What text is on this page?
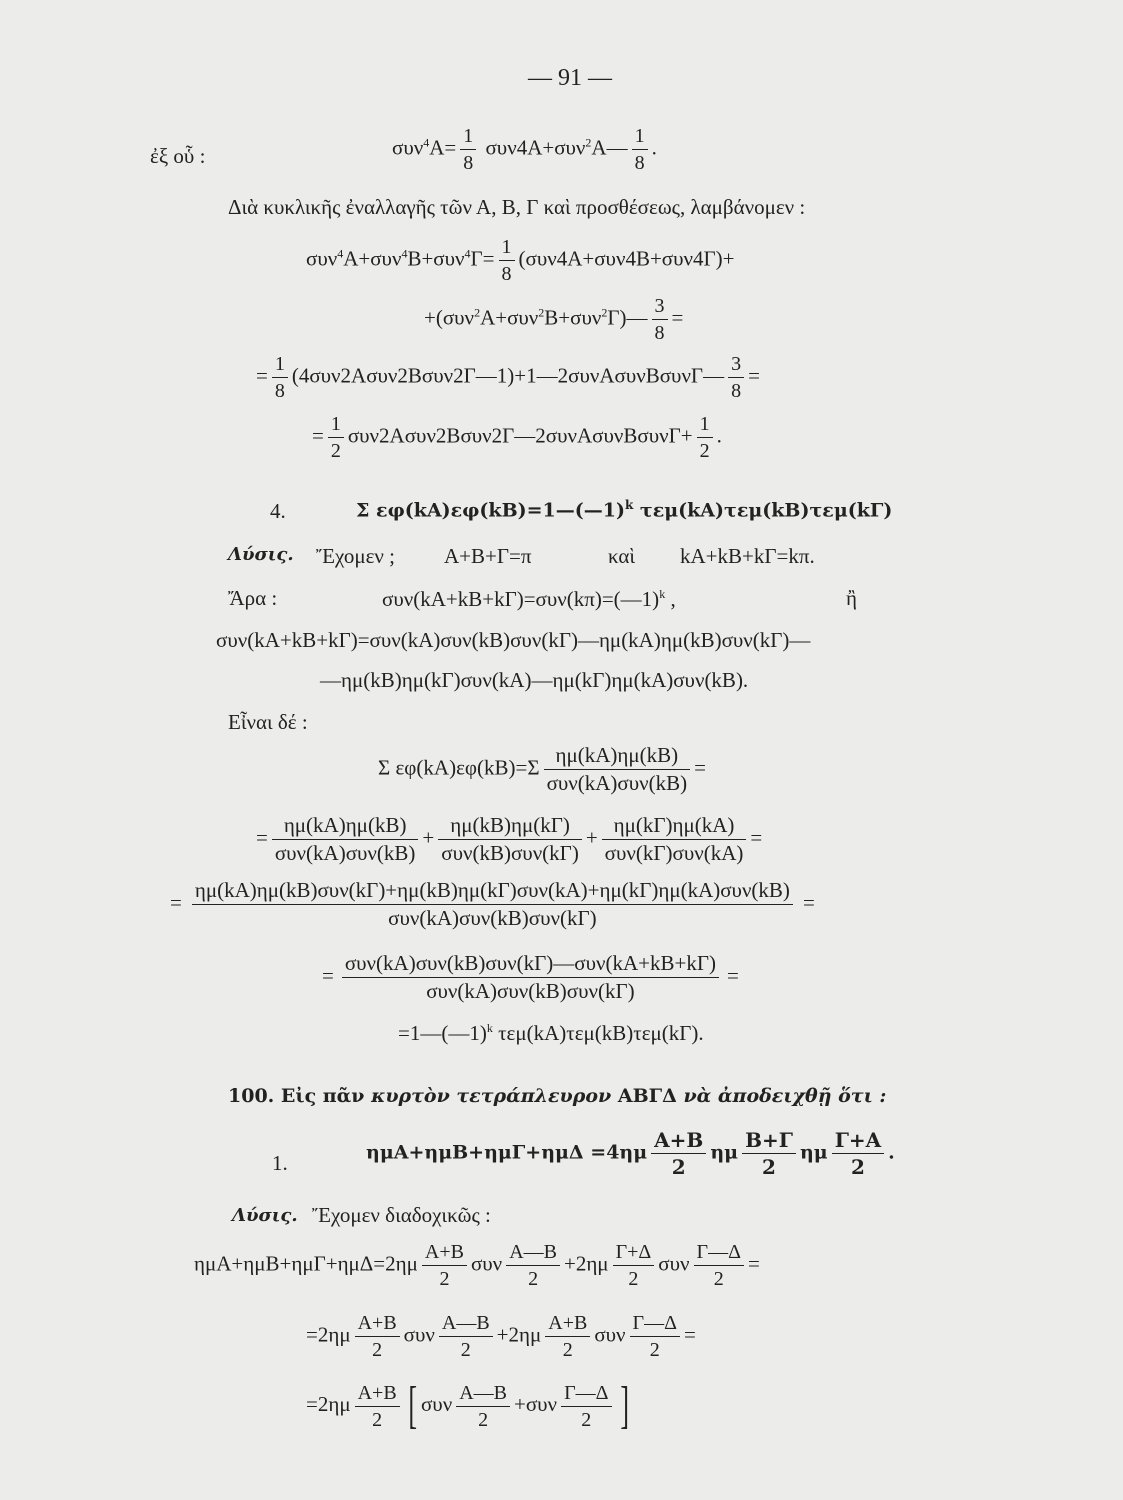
— 91 —
ἐξ οὗ :	$\sigma\upsilon\nu^4A= \frac{1}{8}$ συν4Α+συν$^2$Α— $\frac{1}{8}$ .
Διὰ κυκλικῆς ἐναλλαγῆς τῶν Α, Β, Γ καὶ προσθέσεως, λαμβάνομεν :
$\sigma\upsilon\nu^4A+\sigma\upsilon\nu^4B+\sigma\upsilon\nu^4\Gamma= \frac{1}{8} (\sigma\upsilon\nu 4A+\sigma\upsilon\nu 4B+\sigma\upsilon\nu 4\Gamma)+$
+(συν$^2$Α+συν$^2$Β+συν$^2$Γ)— $\frac{3}{8}$ =
= $\frac{1}{8}$ (4συν2Ασυν2Βσυν2Γ—1)+1—2συνΑσυνΒσυνΓ— $\frac{3}{8}$ =
= $\frac{1}{2}$ συν2Ασυν2Βσυν2Γ—2συνΑσυνΒσυνΓ+ $\frac{1}{2}$ .
4.	Σ εφ(kΑ)εφ(kΒ)=1—(—1)$^k$ τεμ(kΑ)τεμ(kΒ)τεμ(kΓ)
Λύσις. Ἔχομεν ; Α+Β+Γ=π	καὶ kΑ+kΒ+kΓ=kπ.
Ἄρα :	συν(kΑ+kΒ+kΓ)=συν(kπ)=(—1)$^k$ ,	ἢ
συν(kΑ+kΒ+kΓ)=συν(kΑ)συν(kΒ)συν(kΓ)—ημ(kΑ)ημ(kΒ)συν(kΓ)—
—ημ(kΒ)ημ(kΓ)συν(kΑ)—ημ(kΓ)ημ(kΑ)συν(kΒ).
Εἶναι δέ :
Σ $\varepsilon\varphi(kA)\varepsilon\varphi(kB)=\Sigma \frac{\eta\mu(kA)\eta\mu(kB)}{\text{συν(kΑ)συν(kΒ)}}$ =
= $\frac{\eta\mu(kA)\eta\mu(kB)}{\text{συν(kΑ)συν(kΒ)}} + \frac{\eta\mu(kB)\eta\mu(k\Gamma)}{\text{συν(kΒ)συν(kΓ)}} + \frac{\eta\mu(k\Gamma)\eta\mu(kA)}{\text{συν(kΓ)συν(kΑ)}}$ =
= $\frac{\text{ημ(kΑ)ημ(kΒ)συν(kΓ)+ημ(kΒ)ημ(kΓ)συν(kΑ)+ημ(kΓ)ημ(kΑ)συν(kΒ)}}{\text{συν(kΑ)συν(kΒ)συν(kΓ)}}$ =
= $\frac{\text{συν(kΑ)συν(kΒ)συν(kΓ)—συν(kΑ+kΒ+kΓ)}}{\text{συν(kΑ)συν(kΒ)συν(kΓ)}}$ =
=1—(—1)$^k$ τεμ(kΑ)τεμ(kΒ)τεμ(kΓ).
100. Εἰς πᾶν κυρτὸν τετράπλευρον ΑΒΓΔ νὰ ἀποδειχθῇ ὅτι :
1.	$\eta\mu A+\eta\mu B+\eta\mu\Gamma+\eta\mu\Delta =4\eta\mu \frac{A+B}{2}$ ημ $\frac{B+\Gamma}{2}$ ημ $\frac{\Gamma+A}{2}$ .
Λύσις. Ἔχομεν διαδοχικῶς :
$\eta\mu A+\eta\mu B+\eta\mu\Gamma+\eta\mu\Delta=2\eta\mu \frac{A+B}{2}$ συν $\frac{A—B}{2} +2\eta\mu \frac{\Gamma+\Delta}{2}$ συν $\frac{\Gamma—\Delta}{2}$ =
$=2\eta\mu \frac{A+B}{2}$ συν $\frac{A—B}{2} +2\eta\mu \frac{A+B}{2}$ συν $\frac{\Gamma—\Delta}{2}$ =
$=2\eta\mu \frac{A+B}{2}$ [ συν $\frac{A—B}{2} +\sigma\upsilon\nu \frac{\Gamma—\Delta}{2}$ ]
